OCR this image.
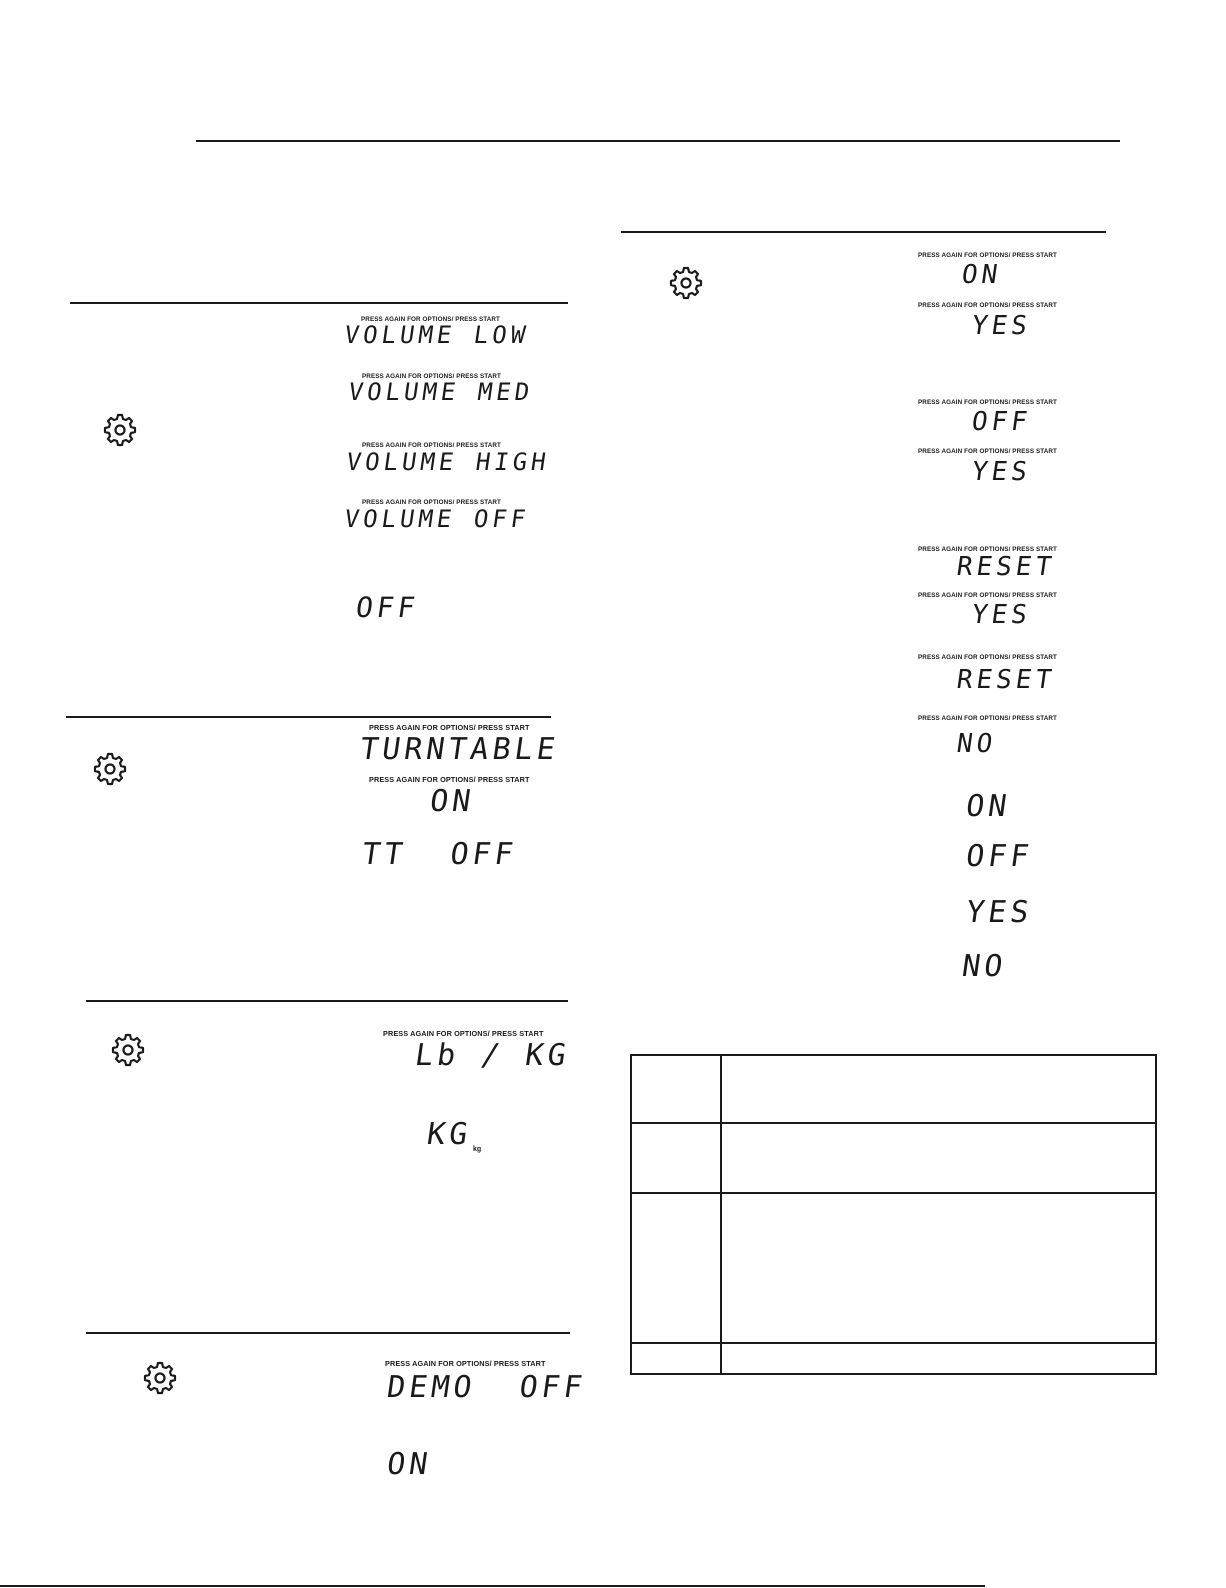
PRESS AGAIN FOR OPTIONS/ PRESS START
VOLUME LOW
PRESS AGAIN FOR OPTIONS/ PRESS START
VOLUME MED
PRESS AGAIN FOR OPTIONS/ PRESS START
VOLUME HIGH
PRESS AGAIN FOR OPTIONS/ PRESS START
VOLUME OFF
OFF
PRESS AGAIN FOR OPTIONS/ PRESS START
TURNTABLE
PRESS AGAIN FOR OPTIONS/ PRESS START
ON
TT  OFF
PRESS AGAIN FOR OPTIONS/ PRESS START
Lb / KG
KG kg
PRESS AGAIN FOR OPTIONS/ PRESS START
DEMO  OFF
ON
PRESS AGAIN FOR OPTIONS/ PRESS START
ON
PRESS AGAIN FOR OPTIONS/ PRESS START
YES
PRESS AGAIN FOR OPTIONS/ PRESS START
OFF
PRESS AGAIN FOR OPTIONS/ PRESS START
YES
PRESS AGAIN FOR OPTIONS/ PRESS START
RESET
PRESS AGAIN FOR OPTIONS/ PRESS START
YES
PRESS AGAIN FOR OPTIONS/ PRESS START
RESET
PRESS AGAIN FOR OPTIONS/ PRESS START
NO
ON
OFF
YES
NO
